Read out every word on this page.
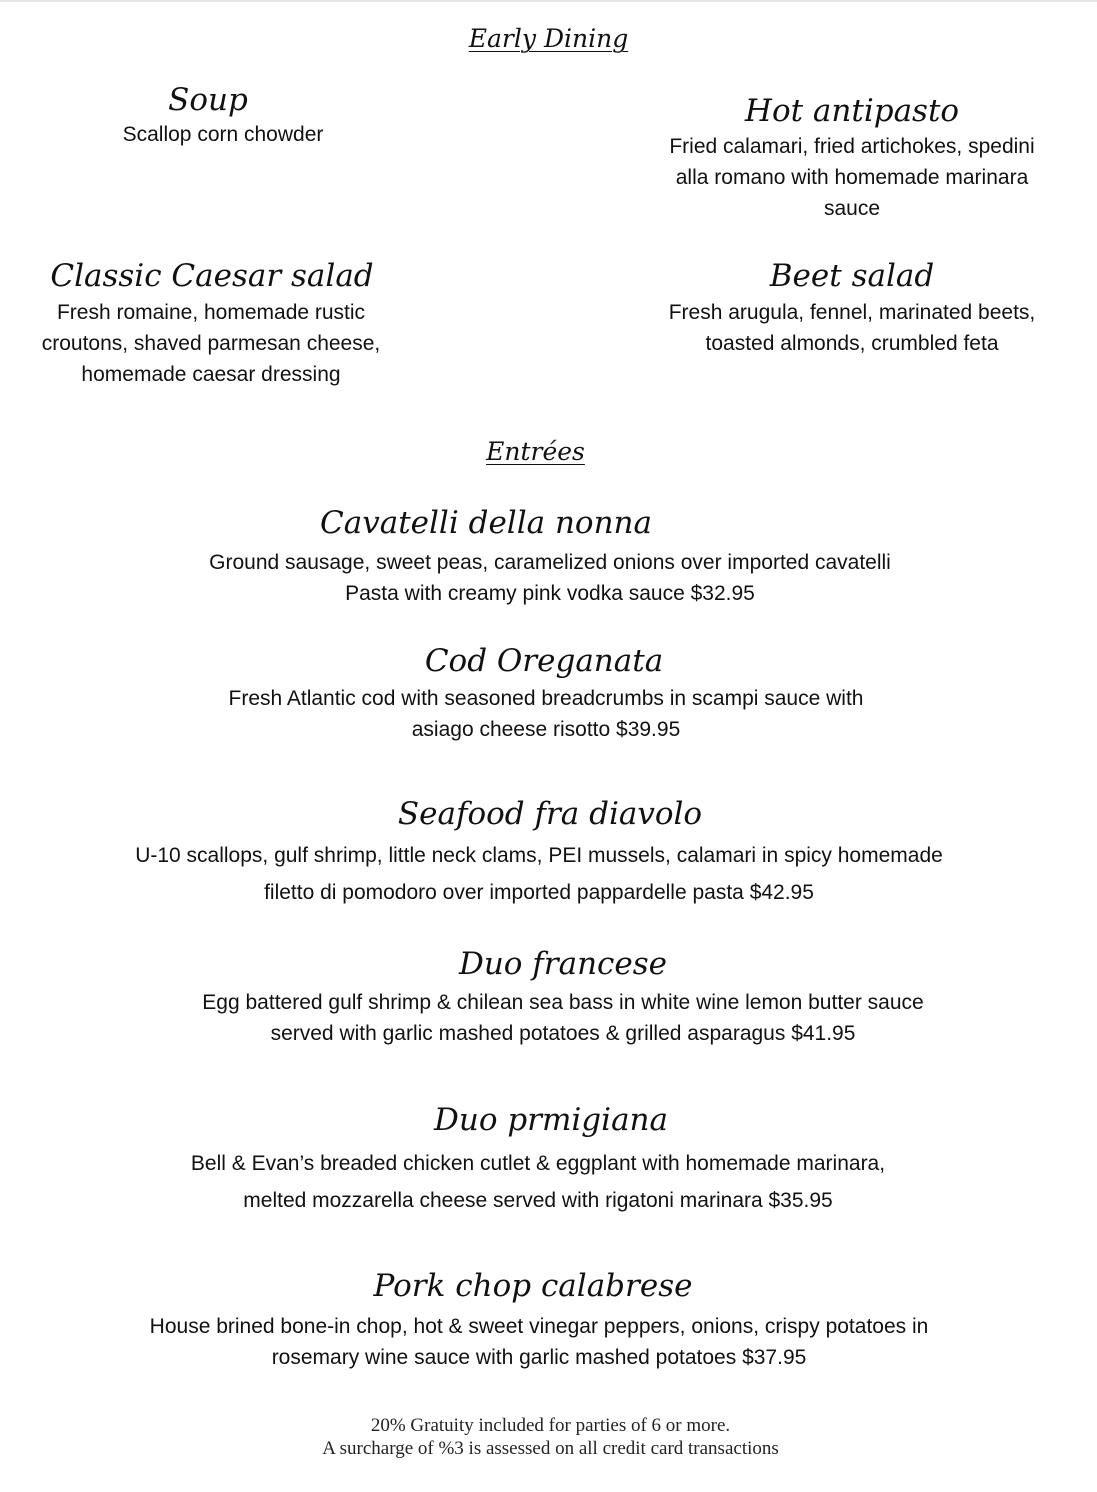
Early Dining
Soup
Scallop corn chowder
Hot antipasto
Fried calamari, fried artichokes, spedini
alla romano with homemade marinara
sauce
Classic Caesar salad
Fresh romaine, homemade rustic
croutons, shaved parmesan cheese,
homemade caesar dressing
Beet salad
Fresh arugula, fennel, marinated beets,
toasted almonds, crumbled feta
Entrées
Cavatelli della nonna
Ground sausage, sweet peas, caramelized onions over imported cavatelli
Pasta with creamy pink vodka sauce $32.95
Cod Oreganata
Fresh Atlantic cod with seasoned breadcrumbs in scampi sauce with
asiago cheese risotto $39.95
Seafood fra diavolo
U-10 scallops, gulf shrimp, little neck clams, PEI mussels, calamari in spicy homemade
filetto di pomodoro over imported pappardelle pasta $42.95
Duo francese
Egg battered gulf shrimp & chilean sea bass in white wine lemon butter sauce
served with garlic mashed potatoes & grilled asparagus $41.95
Duo prmigiana
Bell & Evan’s breaded chicken cutlet & eggplant with homemade marinara,
melted mozzarella cheese served with rigatoni marinara $35.95
Pork chop calabrese
House brined bone-in chop, hot & sweet vinegar peppers, onions, crispy potatoes in
rosemary wine sauce with garlic mashed potatoes $37.95
20% Gratuity included for parties of 6 or more.
A surcharge of %3 is assessed on all credit card transactions
